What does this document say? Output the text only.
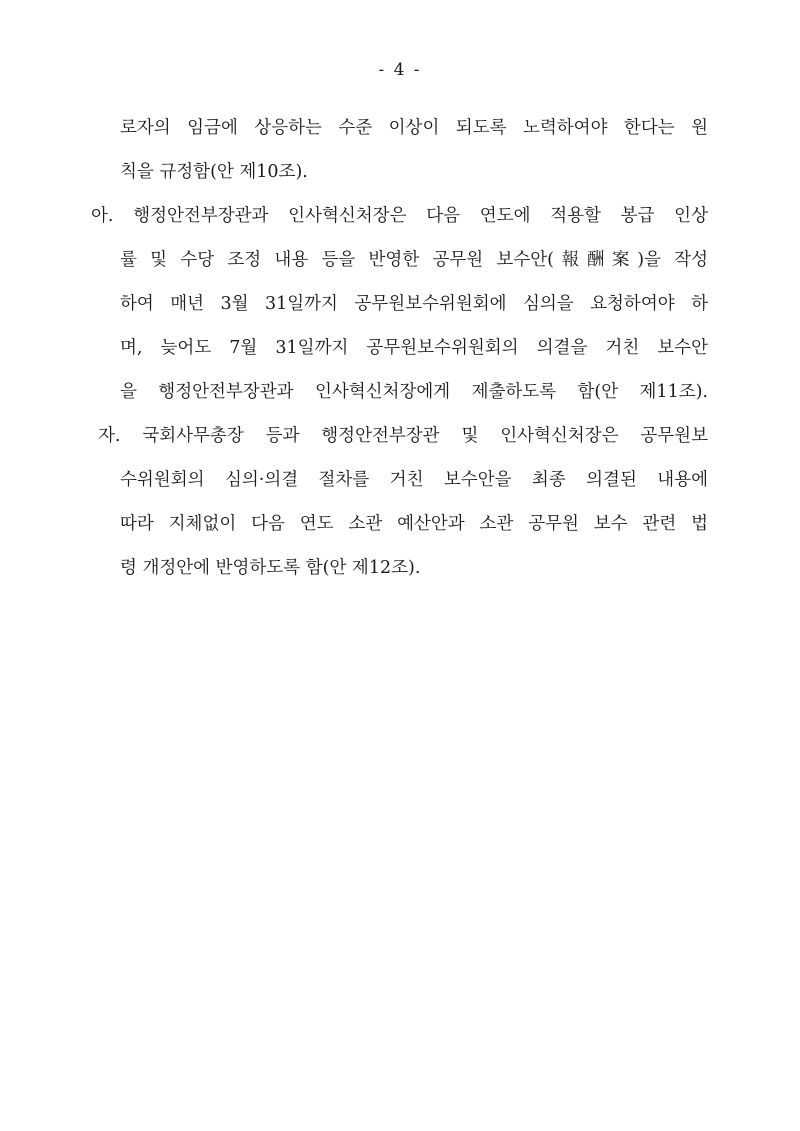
- 4 -
로자의 임금에 상응하는 수준 이상이 되도록 노력하여야 한다는 원
칙을 규정함(안 제10조).
아. 행정안전부장관과 인사혁신처장은 다음 연도에 적용할 봉급 인상
률 및 수당 조정 내용 등을 반영한 공무원 보수안(報酬案)을 작성
하여 매년 3월 31일까지 공무원보수위원회에 심의을 요청하여야 하
며, 늦어도 7월 31일까지 공무원보수위원회의 의결을 거친 보수안
을 행정안전부장관과 인사혁신처장에게 제출하도록 함(안 제11조).
자. 국회사무총장 등과 행정안전부장관 및 인사혁신처장은 공무원보
수위원회의 심의·의결 절차를 거친 보수안을 최종 의결된 내용에
따라 지체없이 다음 연도 소관 예산안과 소관 공무원 보수 관련 법
령 개정안에 반영하도록 함(안 제12조).
